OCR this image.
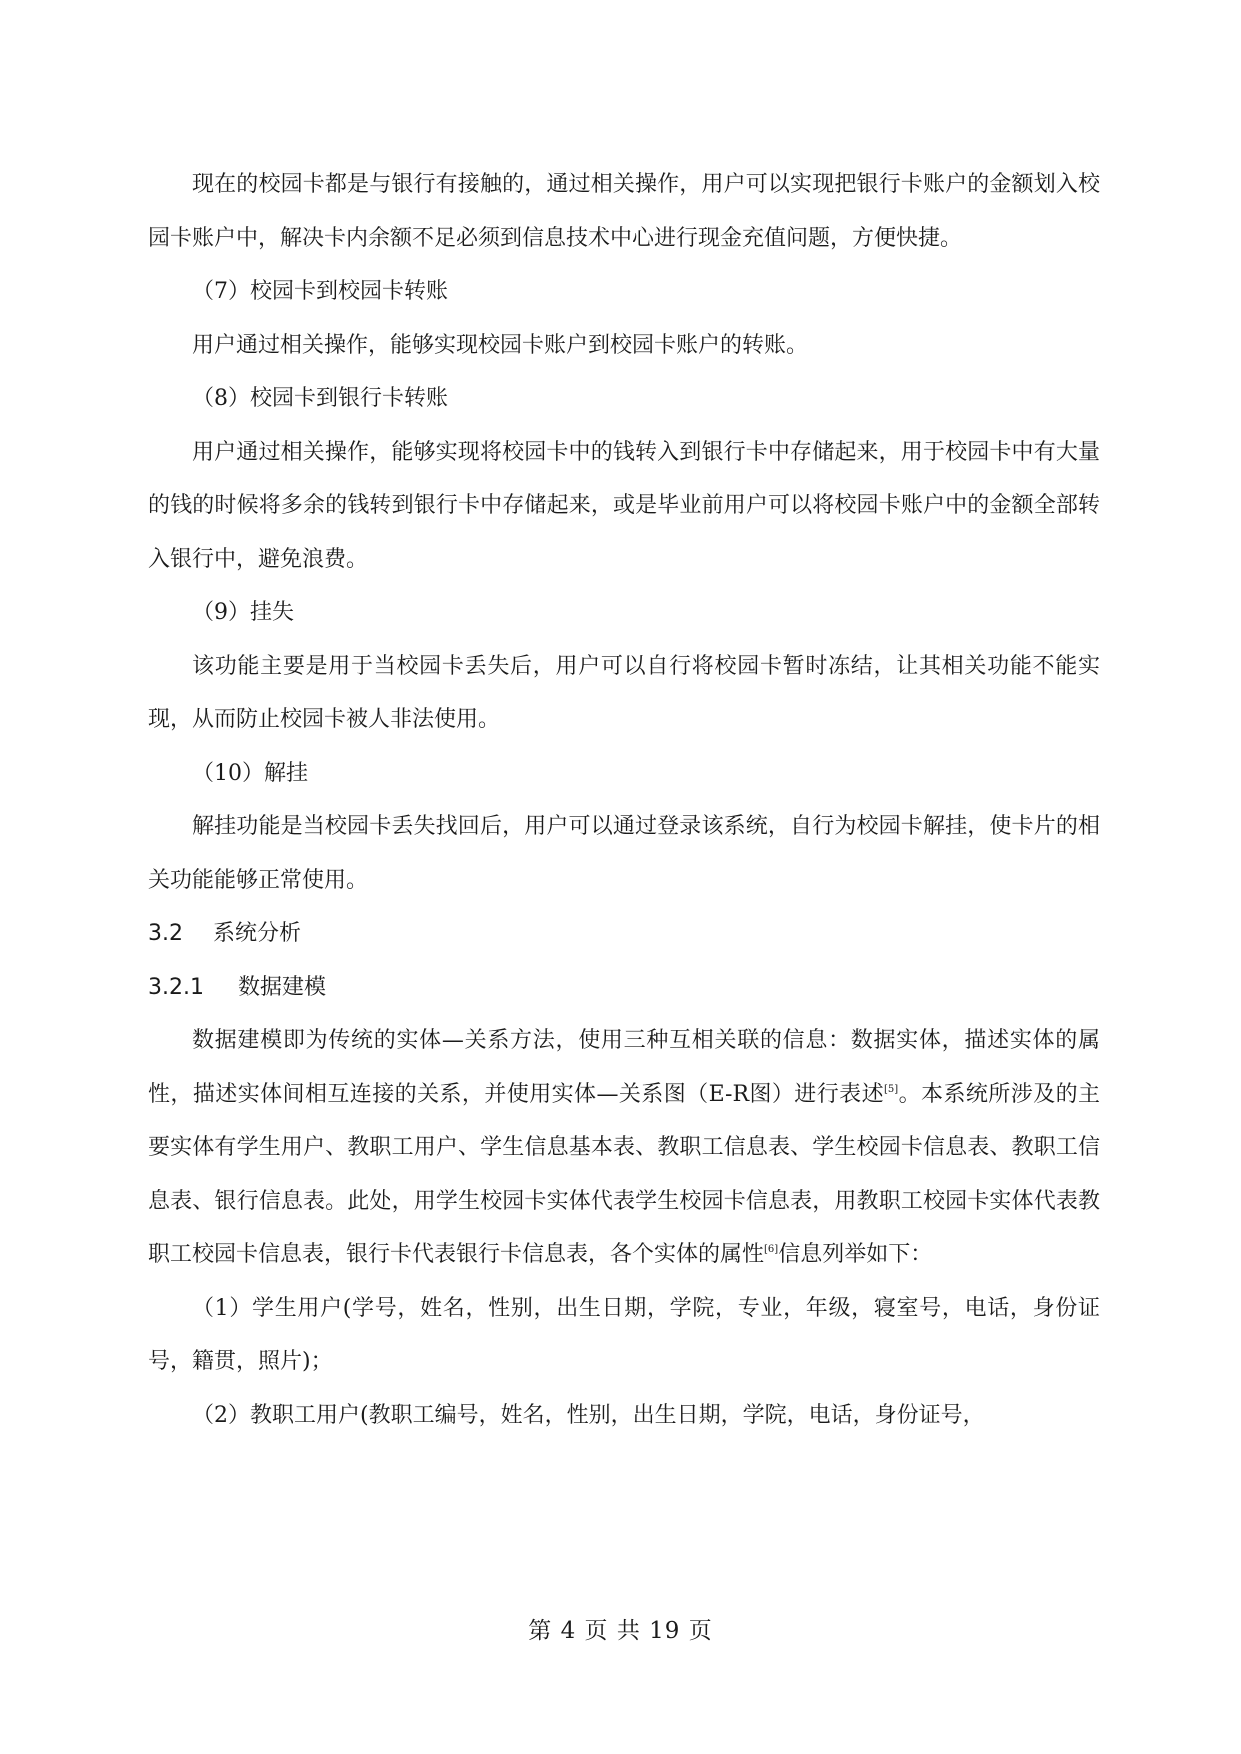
现在的校园卡都是与银行有接触的，通过相关操作，用户可以实现把银行卡账户的金额划入校园卡账户中，解决卡内余额不足必须到信息技术中心进行现金充值问题，方便快捷。

（7）校园卡到校园卡转账

用户通过相关操作，能够实现校园卡账户到校园卡账户的转账。

（8）校园卡到银行卡转账

用户通过相关操作，能够实现将校园卡中的钱转入到银行卡中存储起来，用于校园卡中有大量的钱的时候将多余的钱转到银行卡中存储起来，或是毕业前用户可以将校园卡账户中的金额全部转入银行中，避免浪费。

（9）挂失

该功能主要是用于当校园卡丢失后，用户可以自行将校园卡暂时冻结，让其相关功能不能实现，从而防止校园卡被人非法使用。

（10）解挂

解挂功能是当校园卡丢失找回后，用户可以通过登录该系统，自行为校园卡解挂，使卡片的相关功能能够正常使用。

3.2 系统分析

3.2.1 数据建模

数据建模即为传统的实体—关系方法，使用三种互相关联的信息：数据实体，描述实体的属性，描述实体间相互连接的关系，并使用实体—关系图（E-R图）进行表述[5]。本系统所涉及的主要实体有学生用户、教职工用户、学生信息基本表、教职工信息表、学生校园卡信息表、教职工信息表、银行信息表。此处，用学生校园卡实体代表学生校园卡信息表，用教职工校园卡实体代表教职工校园卡信息表，银行卡代表银行卡信息表，各个实体的属性[6]信息列举如下：

（1）学生用户(学号，姓名，性别，出生日期，学院，专业，年级，寝室号，电话，身份证号，籍贯，照片)；

（2）教职工用户(教职工编号，姓名，性别，出生日期，学院，电话，身份证号，

第 4 页 共 19 页
